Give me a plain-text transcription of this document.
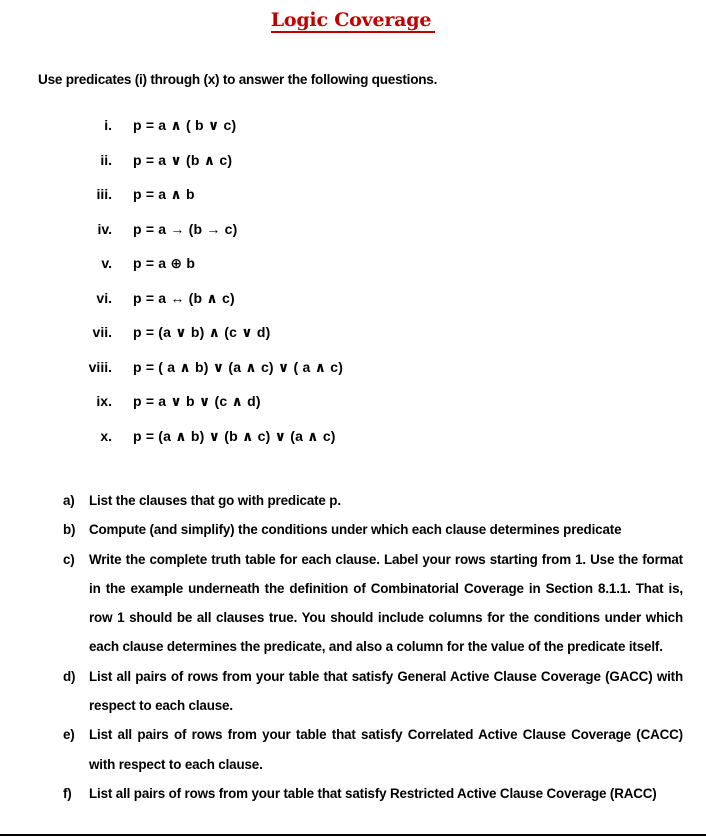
Logic Coverage
Use predicates (i) through (x) to answer the following questions.
i. p = a ∧ ( b ∨ c)
ii. p = a ∨ (b ∧ c)
iii. p = a ∧ b
iv. p = a → (b → c)
v. p = a ⊕ b
vi. p = a ↔ (b ∧ c)
vii. p = (a ∨ b) ∧ (c ∨ d)
viii. p = ( a ∧ b) ∨ (a ∧ c) ∨ ( a ∧ c)
ix. p = a ∨ b ∨ (c ∧ d)
x. p = (a ∧ b) ∨ (b ∧ c) ∨ (a ∧ c)
a) List the clauses that go with predicate p.
b) Compute (and simplify) the conditions under which each clause determines predicate
c) Write the complete truth table for each clause. Label your rows starting from 1. Use the format in the example underneath the definition of Combinatorial Coverage in Section 8.1.1. That is, row 1 should be all clauses true. You should include columns for the conditions under which each clause determines the predicate, and also a column for the value of the predicate itself.
d) List all pairs of rows from your table that satisfy General Active Clause Coverage (GACC) with respect to each clause.
e) List all pairs of rows from your table that satisfy Correlated Active Clause Coverage (CACC) with respect to each clause.
f) List all pairs of rows from your table that satisfy Restricted Active Clause Coverage (RACC)
